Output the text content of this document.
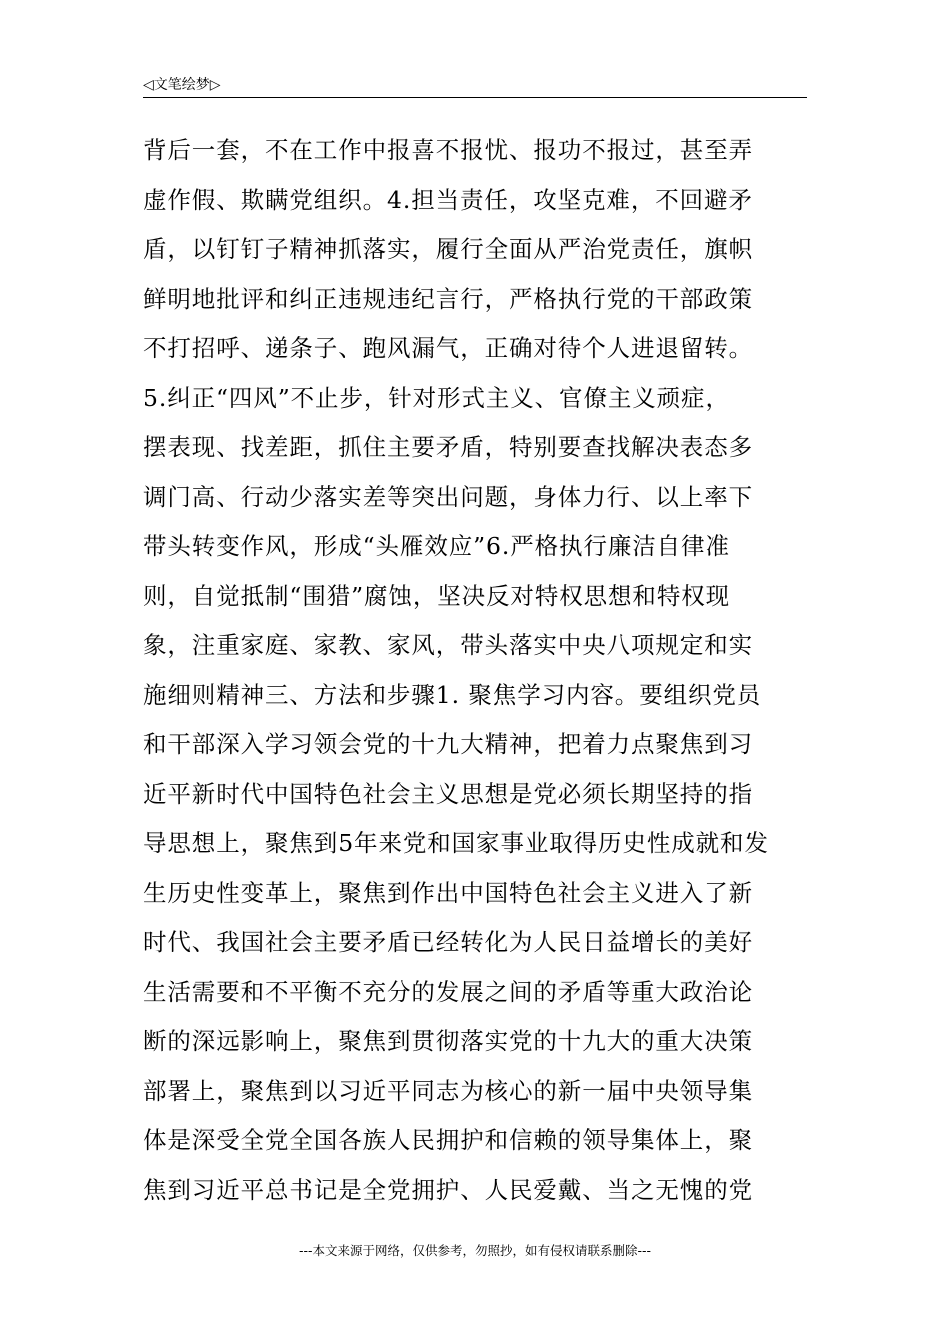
◁文笔绘梦▷
背后一套，不在工作中报喜不报忧、报功不报过，甚至弄
虚作假、欺瞒党组织。4.担当责任，攻坚克难，不回避矛
盾，以钉钉子精神抓落实，履行全面从严治党责任，旗帜
鲜明地批评和纠正违规违纪言行，严格执行党的干部政策
不打招呼、递条子、跑风漏气，正确对待个人进退留转。
5.纠正“四风”不止步，针对形式主义、官僚主义顽症，
摆表现、找差距，抓住主要矛盾，特别要查找解决表态多
调门高、行动少落实差等突出问题，身体力行、以上率下
带头转变作风，形成“头雁效应”6.严格执行廉洁自律准
则，自觉抵制“围猎”腐蚀，坚决反对特权思想和特权现
象，注重家庭、家教、家风，带头落实中央八项规定和实
施细则精神三、方法和步骤1. 聚焦学习内容。要组织党员
和干部深入学习领会党的十九大精神，把着力点聚焦到习
近平新时代中国特色社会主义思想是党必须长期坚持的指
导思想上，聚焦到5年来党和国家事业取得历史性成就和发
生历史性变革上，聚焦到作出中国特色社会主义进入了新
时代、我国社会主要矛盾已经转化为人民日益增长的美好
生活需要和不平衡不充分的发展之间的矛盾等重大政治论
断的深远影响上，聚焦到贯彻落实党的十九大的重大决策
部署上，聚焦到以习近平同志为核心的新一届中央领导集
体是深受全党全国各族人民拥护和信赖的领导集体上，聚
焦到习近平总书记是全党拥护、人民爱戴、当之无愧的党
---本文来源于网络，仅供参考，勿照抄，如有侵权请联系删除---
